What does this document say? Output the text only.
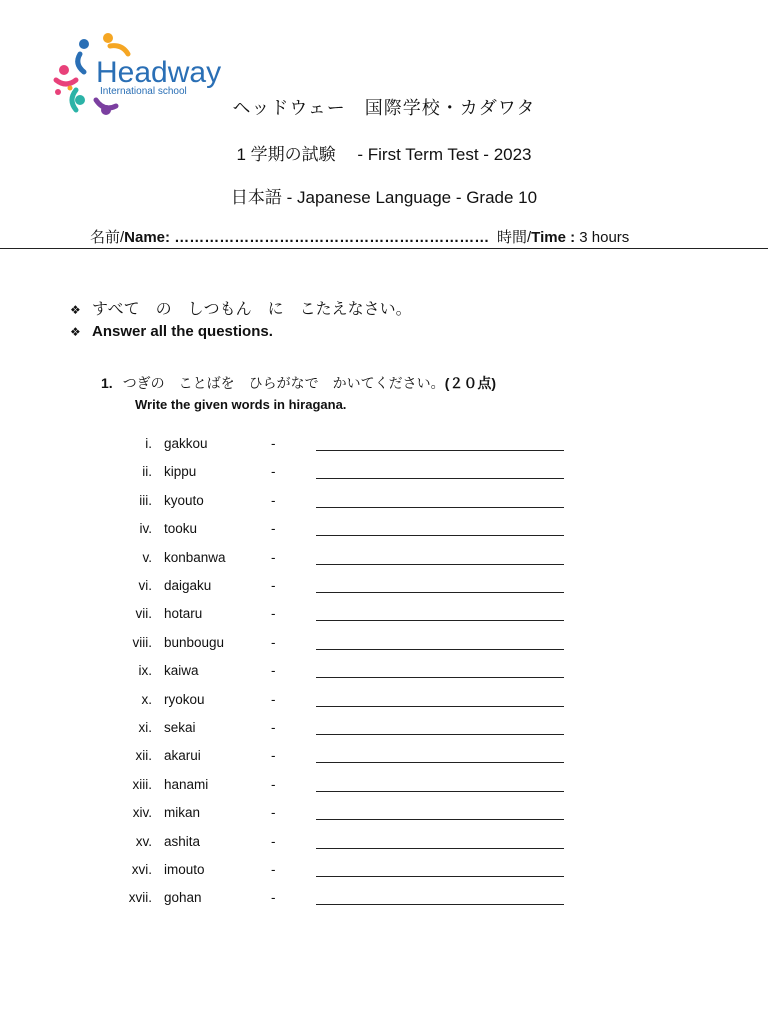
Headway
International school
ヘッドウェー　国際学校・カダワタ
1 学期の試験　 - First Term Test - 2023
日本語 - Japanese Language - Grade 10
名前/Name: ……………………………………………………… 時間/Time : 3 hours
❖ すべて　の　しつもん　に　こたえなさい。
❖ Answer all the questions.
1. つぎの　ことばを　ひらがなで　かいてください。(２０点)
Write the given words in hiragana.
i. gakkou	-
ii. kippu	-
iii. kyouto	-
iv. tooku	-
v. konbanwa	-
vi. daigaku	-
vii. hotaru	-
viii. bunbougu	-
ix. kaiwa	-
x. ryokou	-
xi. sekai	-
xii. akarui	-
xiii. hanami	-
xiv. mikan	-
xv. ashita	-
xvi. imouto	-
xvii. gohan	-
